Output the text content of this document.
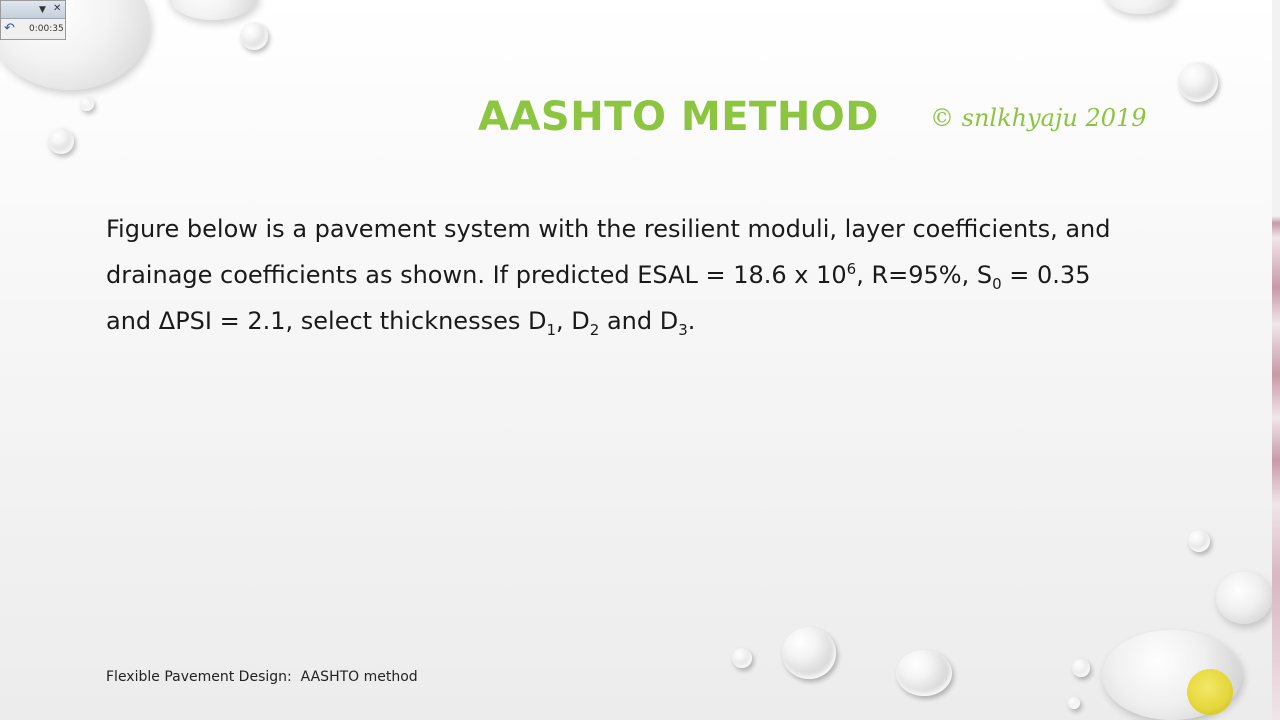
AASHTO METHOD © snlkhyaju 2019
Figure below is a pavement system with the resilient moduli, layer coefficients, and
drainage coefficients as shown. If predicted ESAL = 18.6 x $10^6$, R=95%, $S_0 = 0.35$
and ΔPSI = 2.1, select thicknesses $D_1$, $D_2$ and $D_3$.
Flexible Pavement Design:  AASHTO method
▼ ✕
↶ 0:00:35
